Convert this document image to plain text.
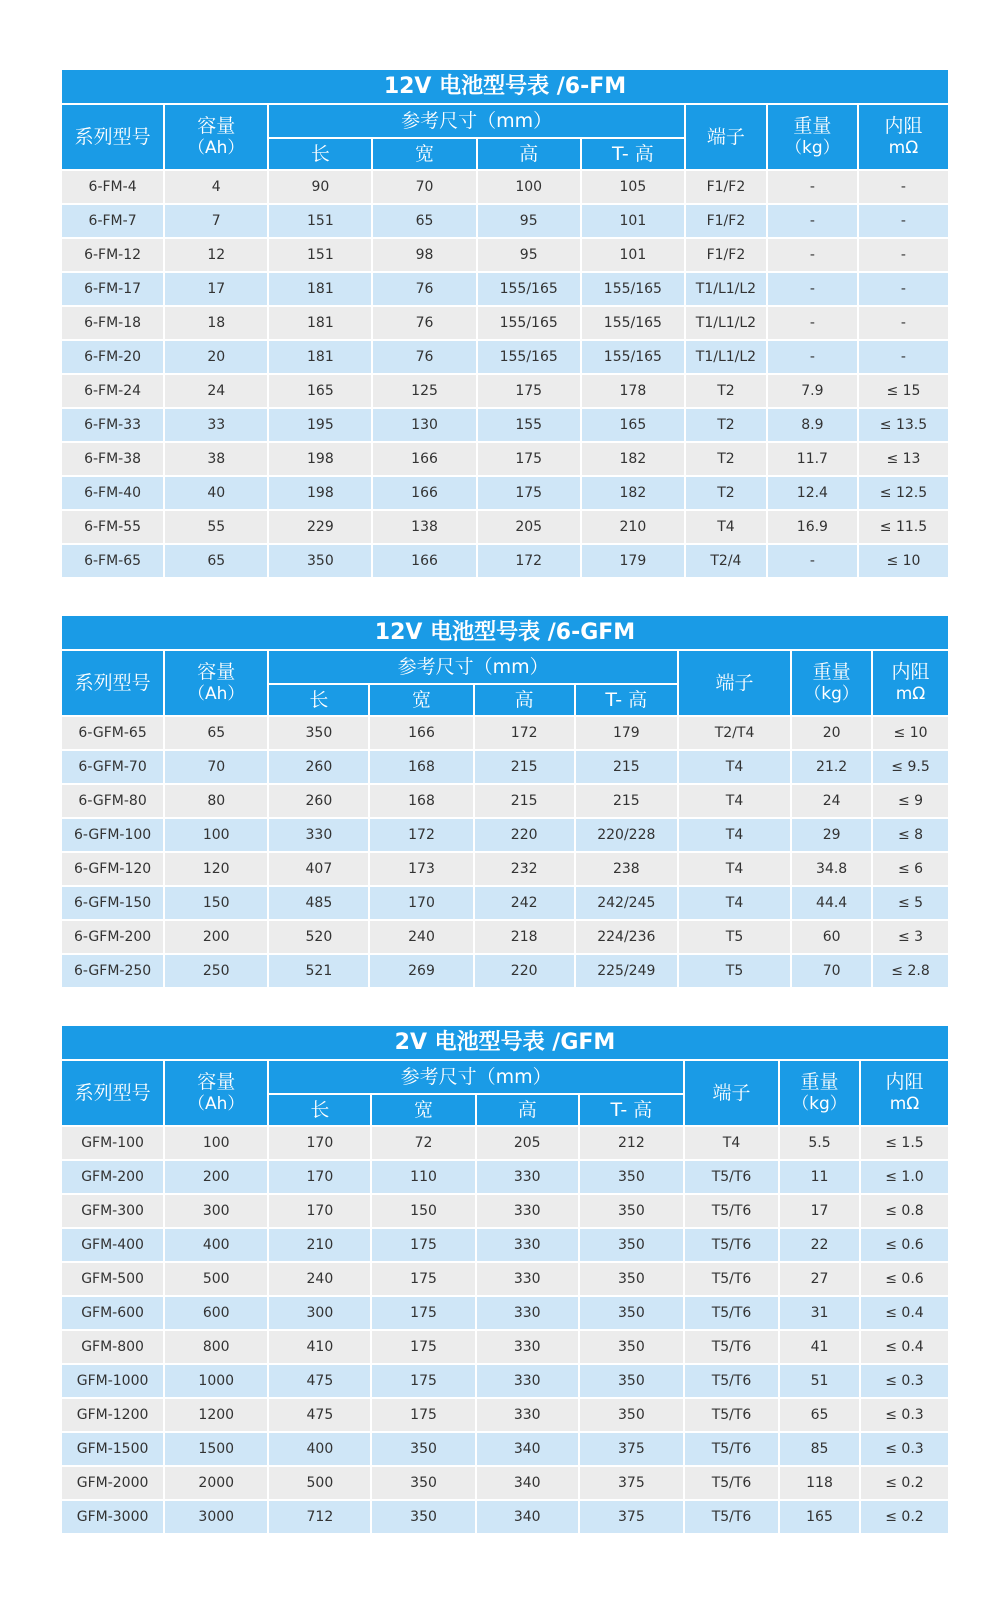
12V 电池型号表 /6-FM
系列型号	容量
（Ah）	参考尺寸（mm）				端子	重量
（kg）	内阻
mΩ

		长	宽	高	T- 高			
6-FM-4	4	90	70	100	105	F1/F2	-	-
6-FM-7	7	151	65	95	101	F1/F2	-	-
6-FM-12	12	151	98	95	101	F1/F2	-	-
6-FM-17	17	181	76	155/165	155/165	T1/L1/L2	-	-
6-FM-18	18	181	76	155/165	155/165	T1/L1/L2	-	-
6-FM-20	20	181	76	155/165	155/165	T1/L1/L2	-	-
6-FM-24	24	165	125	175	178	T2	7.9	≤ 15
6-FM-33	33	195	130	155	165	T2	8.9	≤ 13.5
6-FM-38	38	198	166	175	182	T2	11.7	≤ 13
6-FM-40	40	198	166	175	182	T2	12.4	≤ 12.5
6-FM-55	55	229	138	205	210	T4	16.9	≤ 11.5
6-FM-65	65	350	166	172	179	T2/4	-	≤ 10
12V 电池型号表 /6-GFM
系列型号	容量
（Ah）	参考尺寸（mm）				端子	重量
（kg）	内阻
mΩ

		长	宽	高	T- 高			
6-GFM-65	65	350	166	172	179	T2/T4	20	≤ 10
6-GFM-70	70	260	168	215	215	T4	21.2	≤ 9.5
6-GFM-80	80	260	168	215	215	T4	24	≤ 9
6-GFM-100	100	330	172	220	220/228	T4	29	≤ 8
6-GFM-120	120	407	173	232	238	T4	34.8	≤ 6
6-GFM-150	150	485	170	242	242/245	T4	44.4	≤ 5
6-GFM-200	200	520	240	218	224/236	T5	60	≤ 3
6-GFM-250	250	521	269	220	225/249	T5	70	≤ 2.8
2V 电池型号表 /GFM
系列型号	容量
（Ah）	参考尺寸（mm）				端子	重量
（kg）	内阻
mΩ

		长	宽	高	T- 高			
GFM-100	100	170	72	205	212	T4	5.5	≤ 1.5
GFM-200	200	170	110	330	350	T5/T6	11	≤ 1.0
GFM-300	300	170	150	330	350	T5/T6	17	≤ 0.8
GFM-400	400	210	175	330	350	T5/T6	22	≤ 0.6
GFM-500	500	240	175	330	350	T5/T6	27	≤ 0.6
GFM-600	600	300	175	330	350	T5/T6	31	≤ 0.4
GFM-800	800	410	175	330	350	T5/T6	41	≤ 0.4
GFM-1000	1000	475	175	330	350	T5/T6	51	≤ 0.3
GFM-1200	1200	475	175	330	350	T5/T6	65	≤ 0.3
GFM-1500	1500	400	350	340	375	T5/T6	85	≤ 0.3
GFM-2000	2000	500	350	340	375	T5/T6	118	≤ 0.2
GFM-3000	3000	712	350	340	375	T5/T6	165	≤ 0.2
